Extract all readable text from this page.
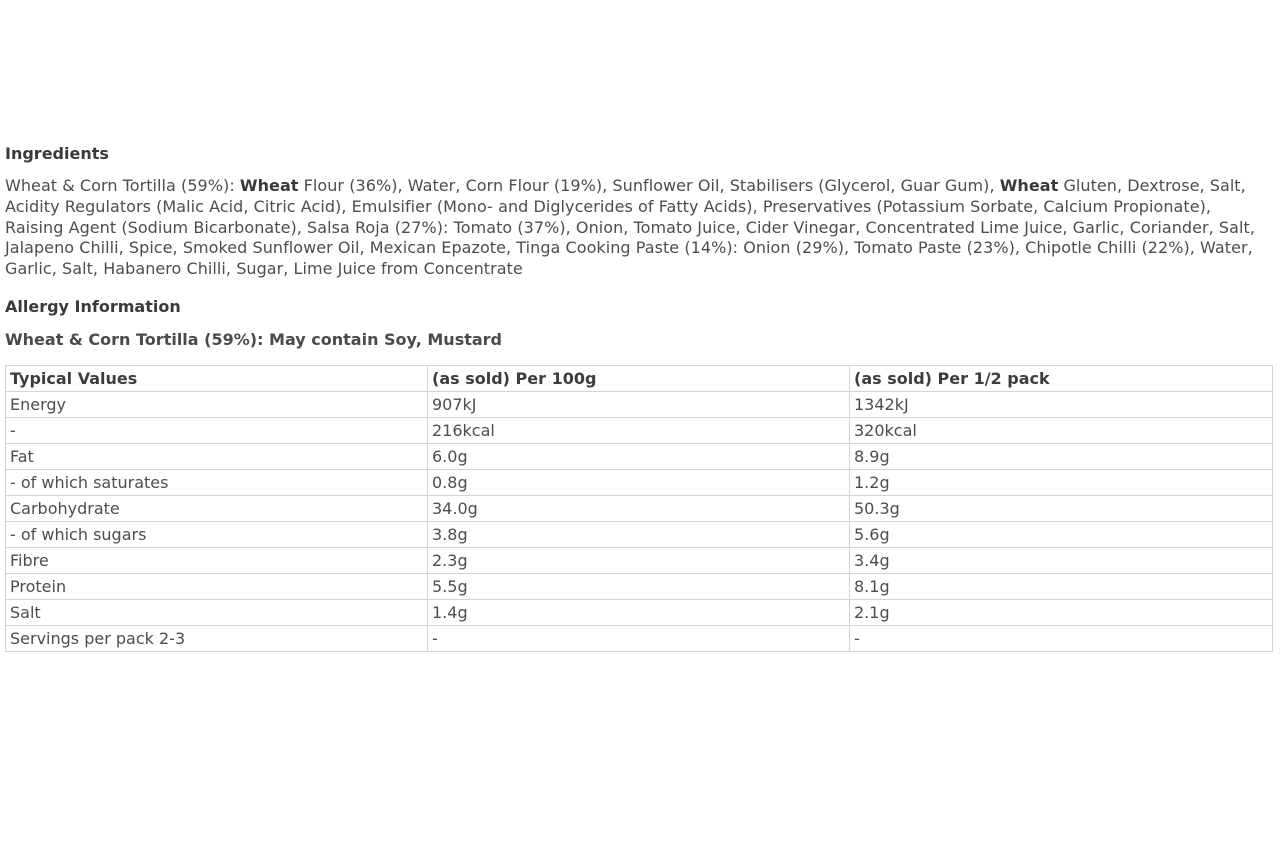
Ingredients

Wheat & Corn Tortilla (59%): Wheat Flour (36%), Water, Corn Flour (19%), Sunflower Oil, Stabilisers (Glycerol, Guar Gum), Wheat Gluten, Dextrose, Salt, Acidity Regulators (Malic Acid, Citric Acid), Emulsifier (Mono- and Diglycerides of Fatty Acids), Preservatives (Potassium Sorbate, Calcium Propionate), Raising Agent (Sodium Bicarbonate), Salsa Roja (27%): Tomato (37%), Onion, Tomato Juice, Cider Vinegar, Concentrated Lime Juice, Garlic, Coriander, Salt, Jalapeno Chilli, Spice, Smoked Sunflower Oil, Mexican Epazote, Tinga Cooking Paste (14%): Onion (29%), Tomato Paste (23%), Chipotle Chilli (22%), Water, Garlic, Salt, Habanero Chilli, Sugar, Lime Juice from Concentrate

Allergy Information

Wheat & Corn Tortilla (59%): May contain Soy, Mustard

Typical Values	(as sold) Per 100g	(as sold) Per 1/2 pack
Energy	907kJ	1342kJ
-	216kcal	320kcal
Fat	6.0g	8.9g
- of which saturates	0.8g	1.2g
Carbohydrate	34.0g	50.3g
- of which sugars	3.8g	5.6g
Fibre	2.3g	3.4g
Protein	5.5g	8.1g
Salt	1.4g	2.1g
Servings per pack 2-3	-	-
